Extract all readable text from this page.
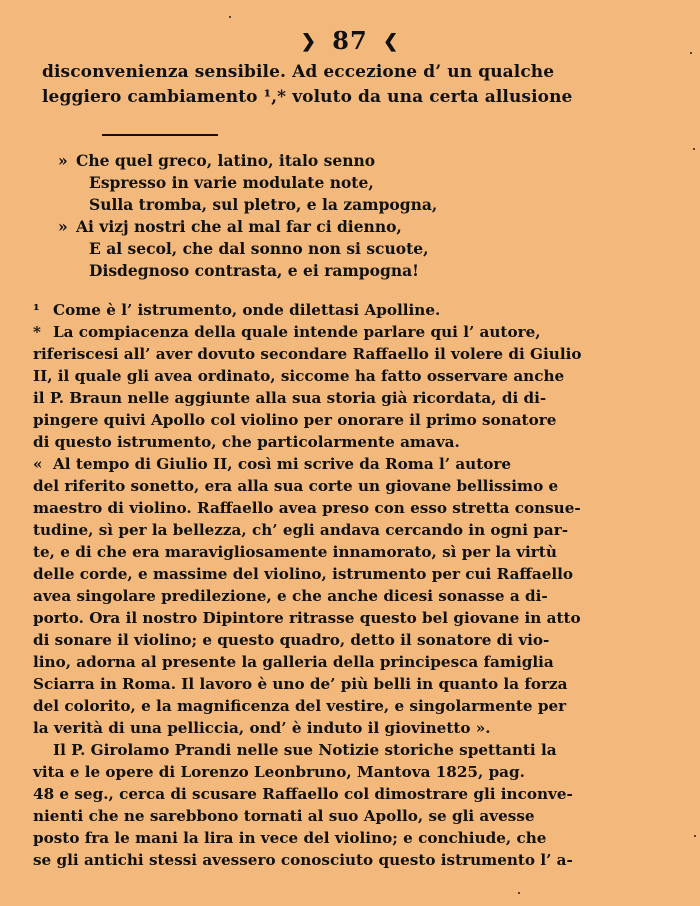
❯ 87 ❮
disconvenienza sensibile. Ad eccezione d’ un qualche
leggiero cambiamento ¹,* voluto da una certa allusione
» Che quel greco, latino, italo senno
Espresso in varie modulate note,
Sulla tromba, sul pletro, e la zampogna,
» Ai vizj nostri che al mal far ci dienno,
E al secol, che dal sonno non si scuote,
Disdegnoso contrasta, e ei rampogna!
¹ Come è l’ istrumento, onde dilettasi Apolline.
* La compiacenza della quale intende parlare qui l’ autore,
riferiscesi all’ aver dovuto secondare Raffaello il volere di Giulio
II, il quale gli avea ordinato, siccome ha fatto osservare anche
il P. Braun nelle aggiunte alla sua storia già ricordata, di di-
pingere quivi Apollo col violino per onorare il primo sonatore
di questo istrumento, che particolarmente amava.
« Al tempo di Giulio II, così mi scrive da Roma l’ autore
del riferito sonetto, era alla sua corte un giovane bellissimo e
maestro di violino. Raffaello avea preso con esso stretta consue-
tudine, sì per la bellezza, ch’ egli andava cercando in ogni par-
te, e di che era maravigliosamente innamorato, sì per la virtù
delle corde, e massime del violino, istrumento per cui Raffaello
avea singolare predilezione, e che anche dicesi sonasse a di-
porto. Ora il nostro Dipintore ritrasse questo bel giovane in atto
di sonare il violino; e questo quadro, detto il sonatore di vio-
lino, adorna al presente la galleria della principesca famiglia
Sciarra in Roma. Il lavoro è uno de’ più belli in quanto la forza
del colorito, e la magnificenza del vestire, e singolarmente per
la verità di una pelliccia, ond’ è induto il giovinetto ».
Il P. Girolamo Prandi nelle sue Notizie storiche spettanti la
vita e le opere di Lorenzo Leonbruno, Mantova 1825, pag.
48 e seg., cerca di scusare Raffaello col dimostrare gli inconve-
nienti che ne sarebbono tornati al suo Apollo, se gli avesse
posto fra le mani la lira in vece del violino; e conchiude, che
se gli antichi stessi avessero conosciuto questo istrumento l’ a-
